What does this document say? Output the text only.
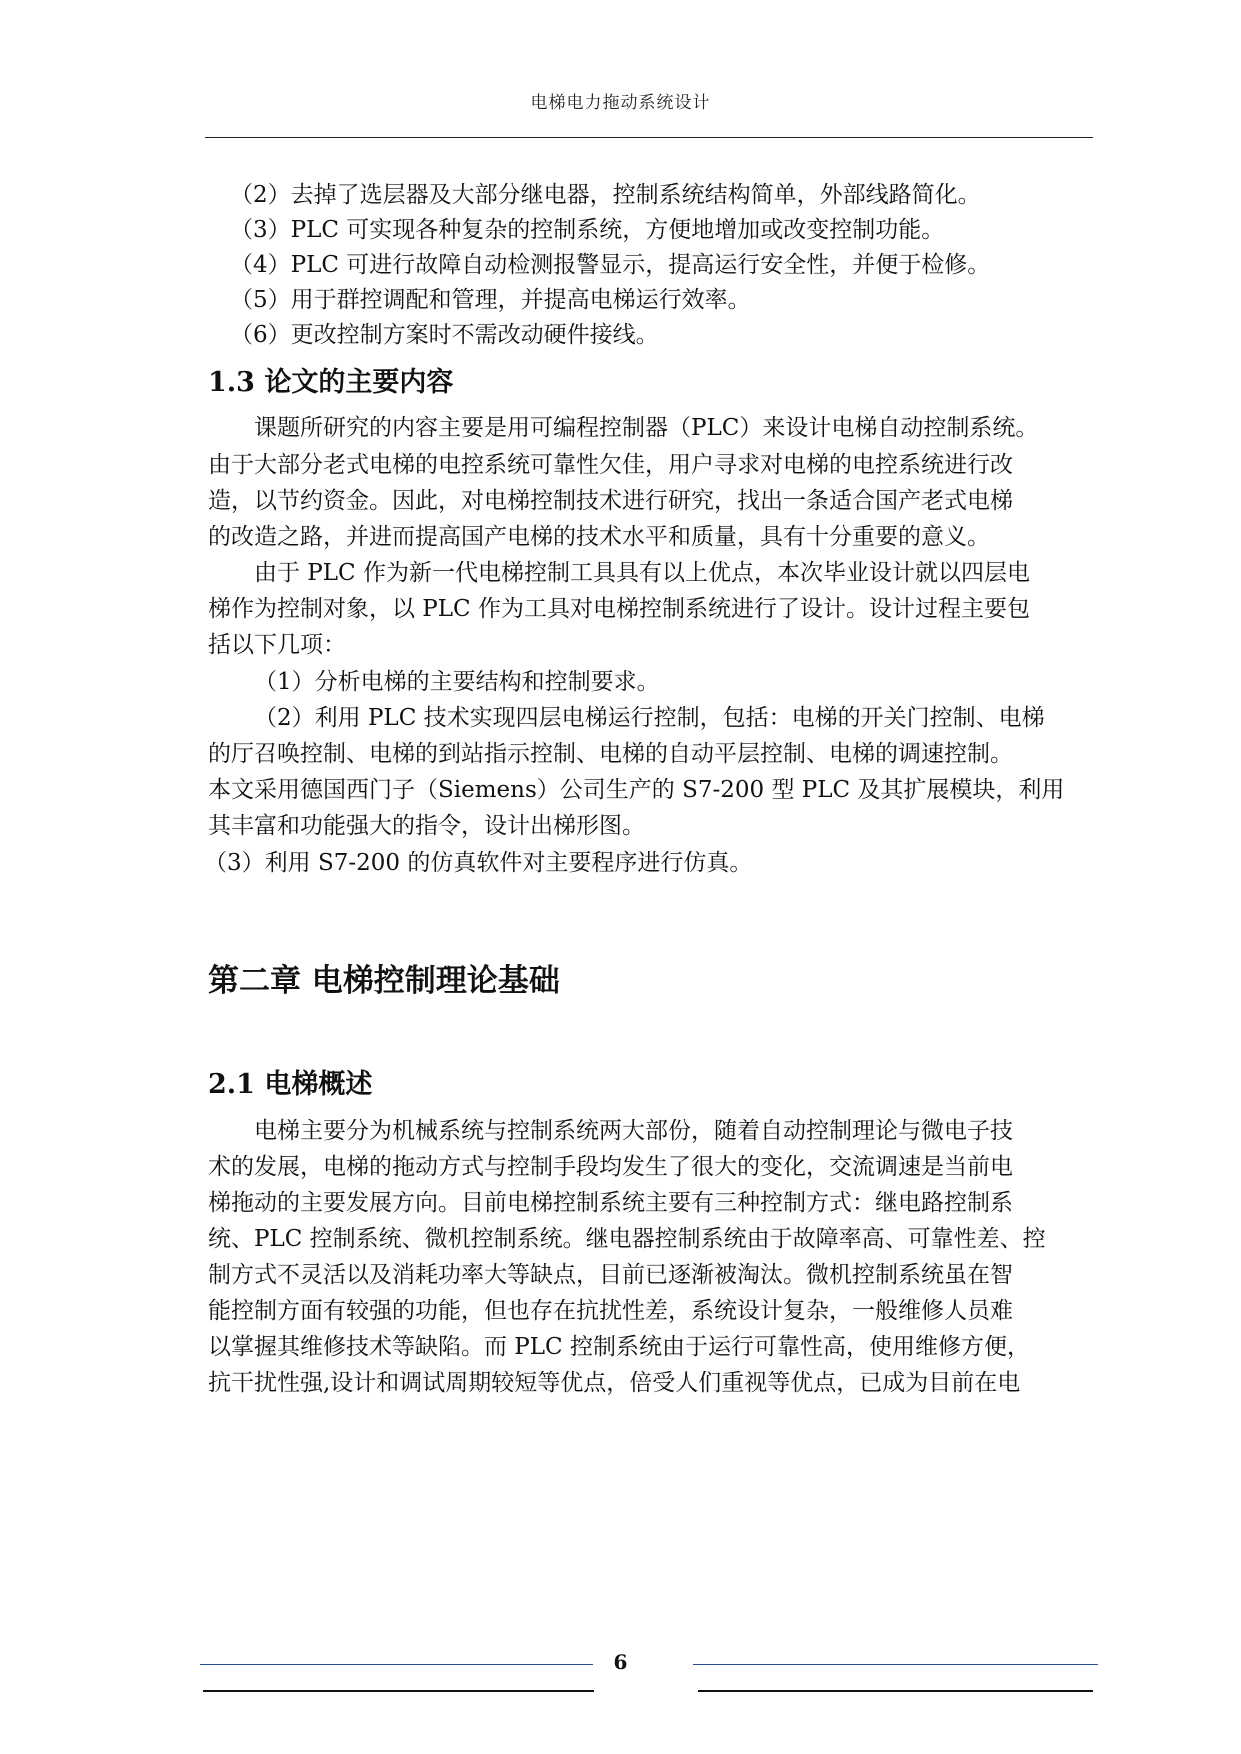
电梯电力拖动系统设计
（2）去掉了选层器及大部分继电器，控制系统结构简单，外部线路简化。
（3）PLC 可实现各种复杂的控制系统，方便地增加或改变控制功能。
（4）PLC 可进行故障自动检测报警显示，提高运行安全性，并便于检修。
（5）用于群控调配和管理，并提高电梯运行效率。
（6）更改控制方案时不需改动硬件接线。
1.3 论文的主要内容
课题所研究的内容主要是用可编程控制器（PLC）来设计电梯自动控制系统。
由于大部分老式电梯的电控系统可靠性欠佳，用户寻求对电梯的电控系统进行改
造，以节约资金。因此，对电梯控制技术进行研究，找出一条适合国产老式电梯
的改造之路，并进而提高国产电梯的技术水平和质量，具有十分重要的意义。
由于 PLC 作为新一代电梯控制工具具有以上优点，本次毕业设计就以四层电
梯作为控制对象，以 PLC 作为工具对电梯控制系统进行了设计。设计过程主要包
括以下几项：
（1）分析电梯的主要结构和控制要求。
（2）利用 PLC 技术实现四层电梯运行控制，包括：电梯的开关门控制、电梯
的厅召唤控制、电梯的到站指示控制、电梯的自动平层控制、电梯的调速控制。
本文采用德国西门子（Siemens）公司生产的 S7-200 型 PLC 及其扩展模块，利用
其丰富和功能强大的指令，设计出梯形图。
（3）利用 S7-200 的仿真软件对主要程序进行仿真。
第二章 电梯控制理论基础
2.1 电梯概述
电梯主要分为机械系统与控制系统两大部份，随着自动控制理论与微电子技
术的发展，电梯的拖动方式与控制手段均发生了很大的变化，交流调速是当前电
梯拖动的主要发展方向。目前电梯控制系统主要有三种控制方式：继电路控制系
统、PLC 控制系统、微机控制系统。继电器控制系统由于故障率高、可靠性差、控
制方式不灵活以及消耗功率大等缺点，目前已逐渐被淘汰。微机控制系统虽在智
能控制方面有较强的功能，但也存在抗扰性差，系统设计复杂，一般维修人员难
以掌握其维修技术等缺陷。而 PLC 控制系统由于运行可靠性高，使用维修方便，
抗干扰性强,设计和调试周期较短等优点，倍受人们重视等优点，已成为目前在电
6
